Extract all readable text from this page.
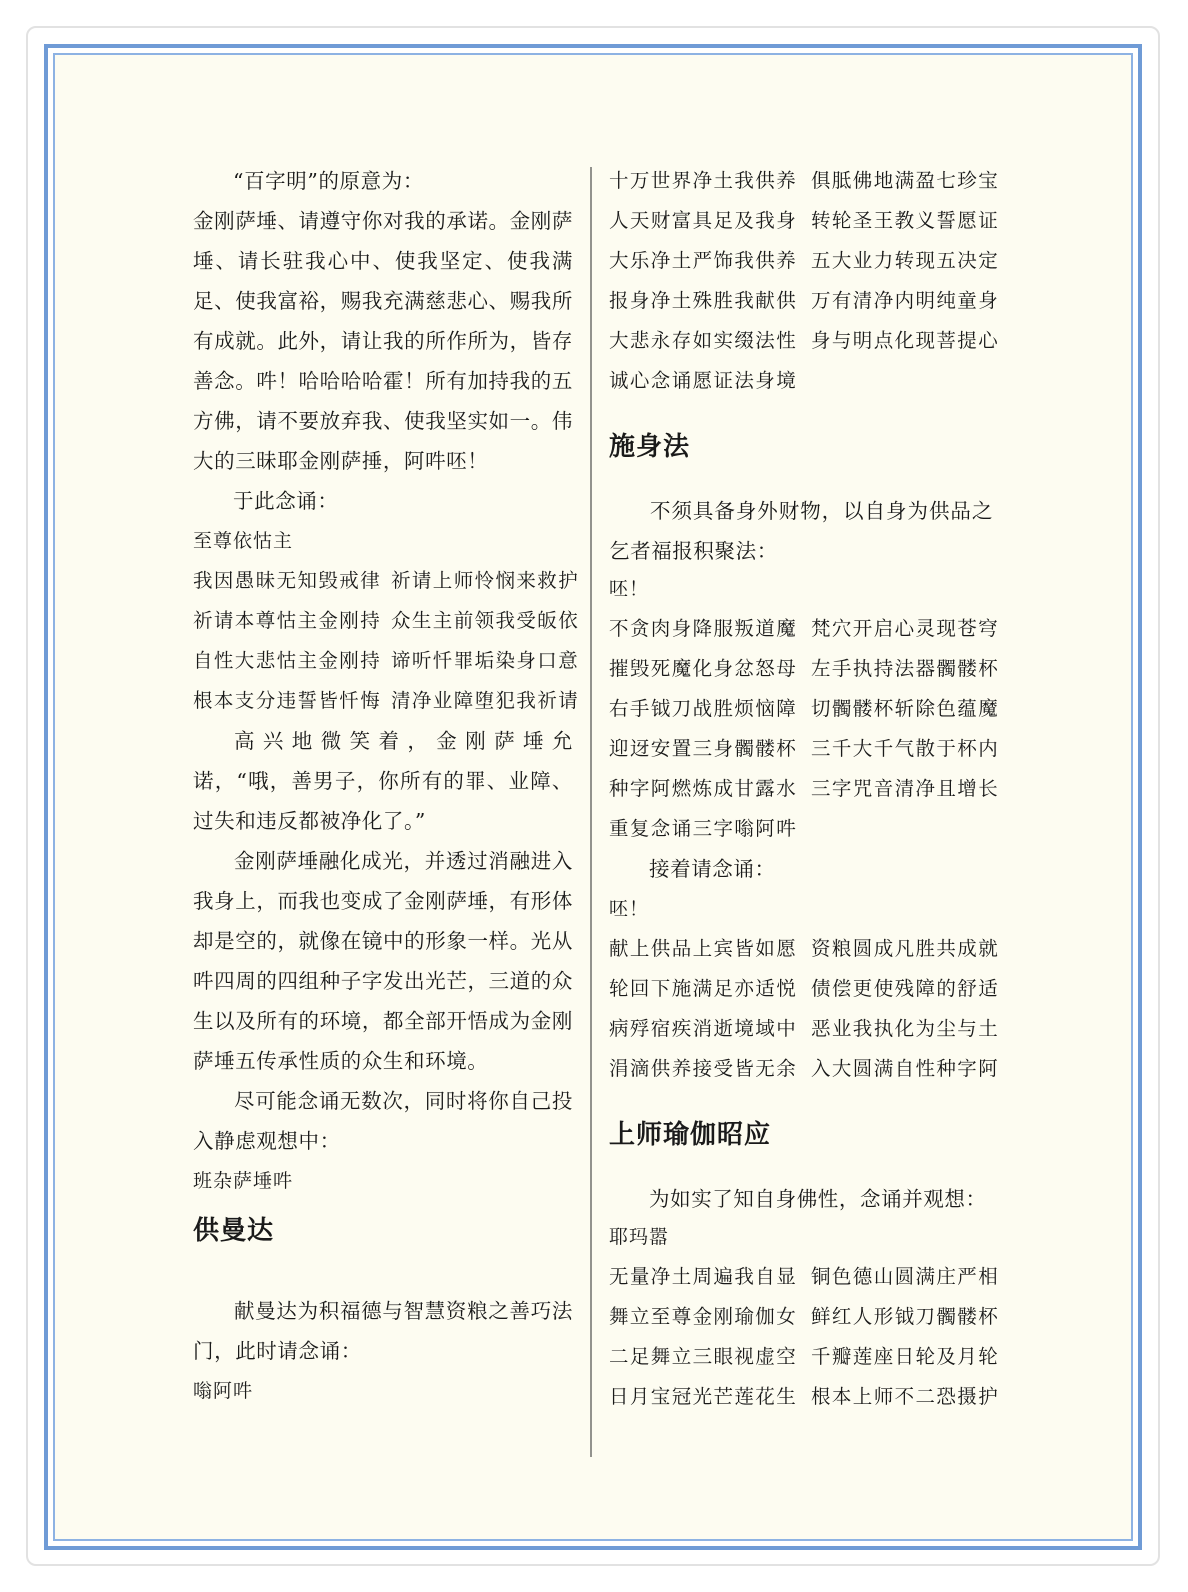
“百字明”的原意为：
金刚萨埵、请遵守你对我的承诺。金刚萨埵、请长驻我心中、使我坚定、使我满足、使我富裕，赐我充满慈悲心、赐我所有成就。此外，请让我的所作所为，皆存善念。吽！哈哈哈哈霍！所有加持我的五方佛，请不要放弃我、使我坚实如一。伟大的三昧耶金刚萨捶，阿吽呸！
于此念诵：
至尊依怙主
我因愚昧无知毁戒律 祈请上师怜悯来救护
祈请本尊怙主金刚持 众生主前领我受皈依
自性大悲怙主金刚持 谛听忏罪垢染身口意
根本支分违誓皆忏悔 清净业障堕犯我祈请
高兴地微笑着，金刚萨埵允诺，“哦，善男子，你所有的罪、业障、过失和违反都被净化了。”
金刚萨埵融化成光，并透过消融进入我身上，而我也变成了金刚萨埵，有形体却是空的，就像在镜中的形象一样。光从吽四周的四组种子字发出光芒，三道的众生以及所有的环境，都全部开悟成为金刚萨埵五传承性质的众生和环境。
尽可能念诵无数次，同时将你自己投入静虑观想中：
班杂萨埵吽
供曼达
献曼达为积福德与智慧资粮之善巧法门，此时请念诵：
嗡阿吽
十万世界净土我供养 俱胝佛地满盈七珍宝
人天财富具足及我身 转轮圣王教义誓愿证
大乐净土严饰我供养 五大业力转现五决定
报身净土殊胜我献供 万有清净内明纯童身
大悲永存如实缀法性 身与明点化现菩提心
诚心念诵愿证法身境
施身法
不须具备身外财物，以自身为供品之乞者福报积聚法：
呸！
不贪肉身降服叛道魔 梵穴开启心灵现苍穹
摧毁死魔化身忿怒母 左手执持法器髑髅杯
右手钺刀战胜烦恼障 切髑髅杯斩除色蕴魔
迎迓安置三身髑髅杯 三千大千气散于杯内
种字阿燃炼成甘露水 三字咒音清净且增长
重复念诵三字嗡阿吽
接着请念诵：
呸！
献上供品上宾皆如愿 资粮圆成凡胜共成就
轮回下施满足亦适悦 债偿更使残障的舒适
病殍宿疾消逝境域中 恶业我执化为尘与土
涓滴供养接受皆无余 入大圆满自性种字阿
上师瑜伽昭应
为如实了知自身佛性，念诵并观想：
耶玛嚣
无量净土周遍我自显 铜色德山圆满庄严相
舞立至尊金刚瑜伽女 鲜红人形钺刀髑髅杯
二足舞立三眼视虚空 千瓣莲座日轮及月轮
日月宝冠光芒莲花生 根本上师不二恐摄护
